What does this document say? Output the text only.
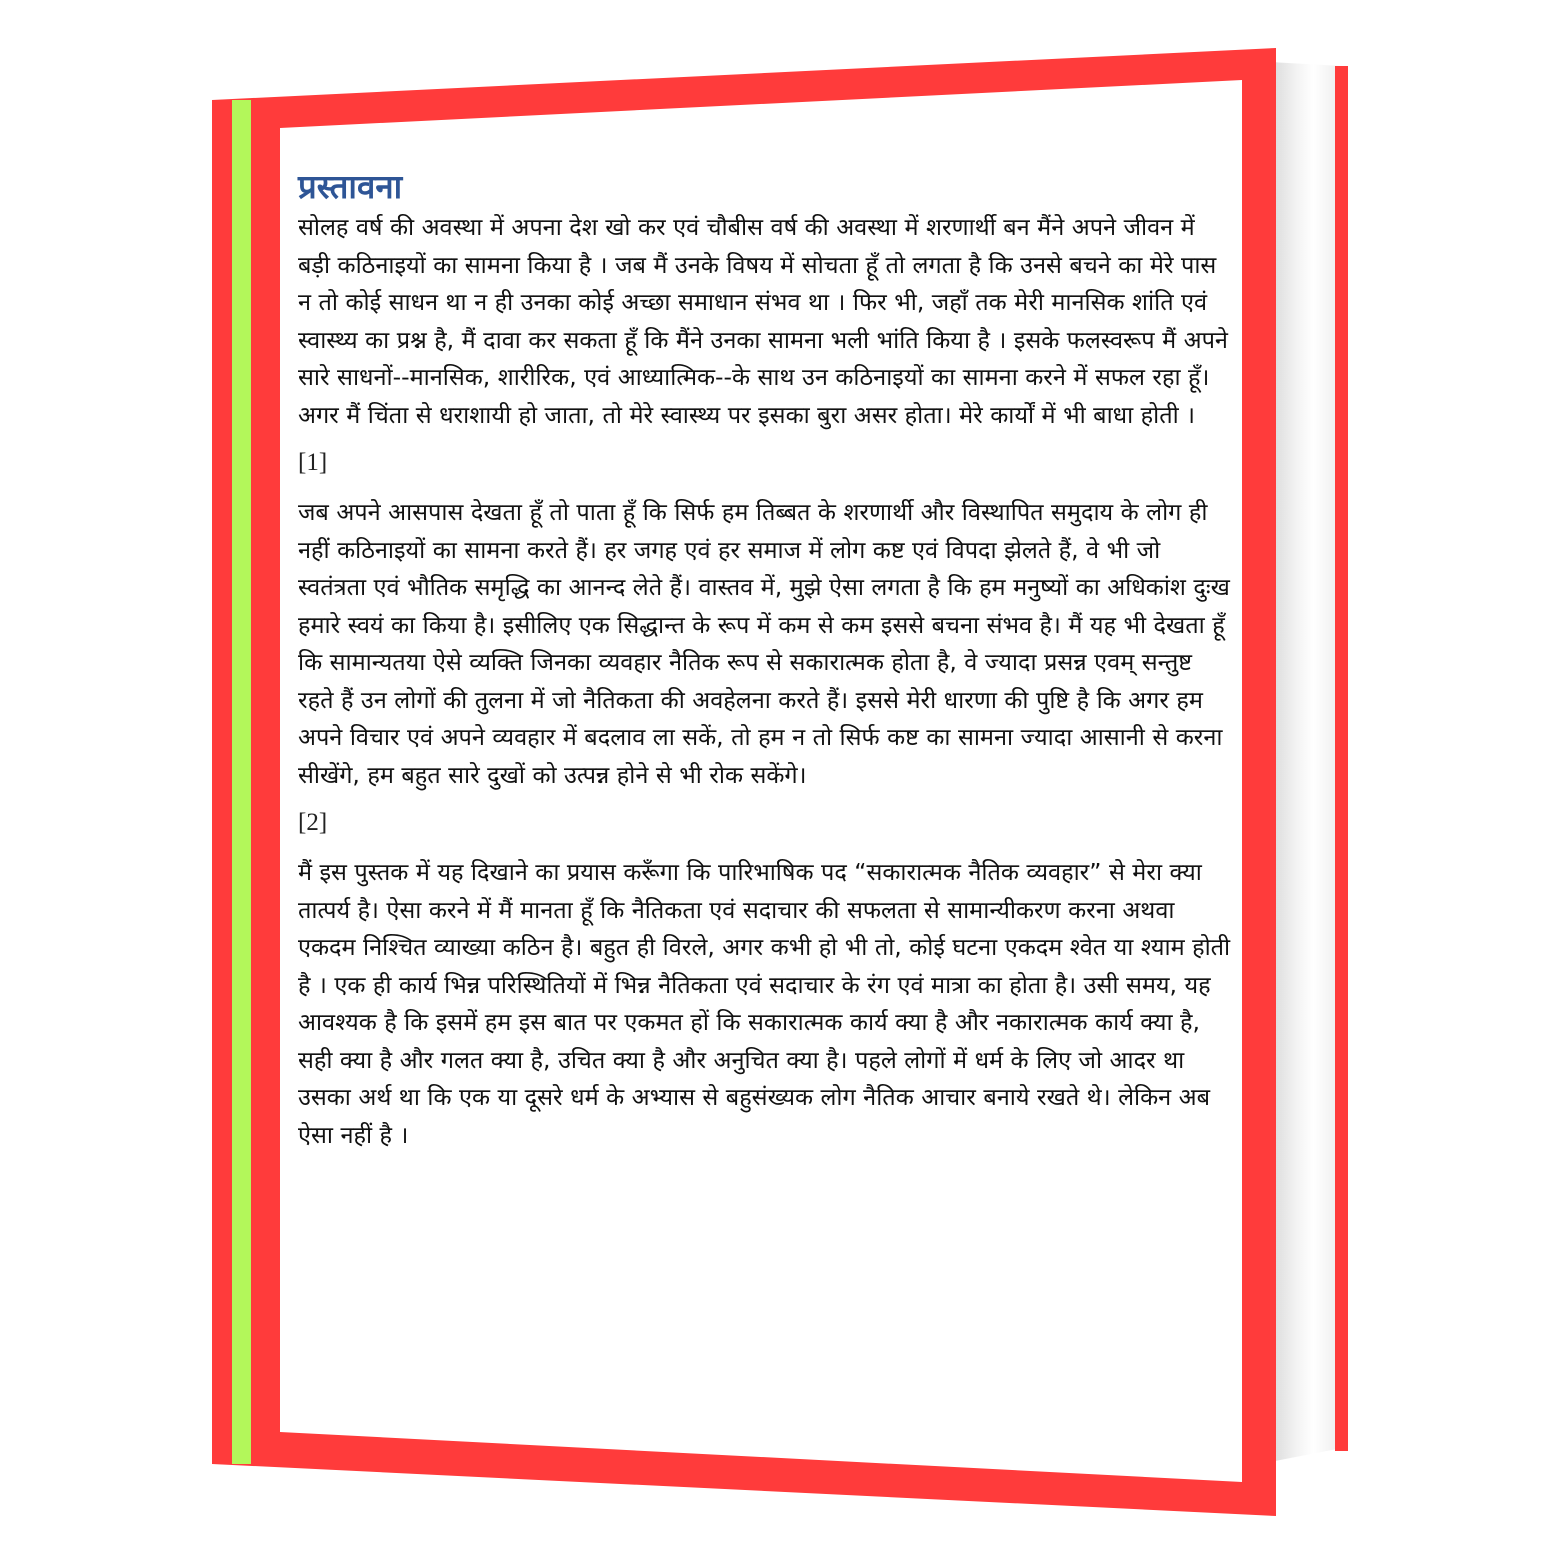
प्रस्तावना

सोलह वर्ष की अवस्था में अपना देश खो कर एवं चौबीस वर्ष की अवस्था में शरणार्थी बन मैंने अपने जीवन में बड़ी कठिनाइयों का सामना किया है । जब मैं उनके विषय में सोचता हूँ तो लगता है कि उनसे बचने का मेरे पास न तो कोई साधन था न ही उनका कोई अच्छा समाधान संभव था । फिर भी, जहाँ तक मेरी मानसिक शांति एवं स्वास्थ्य का प्रश्न है, मैं दावा कर सकता हूँ कि मैंने उनका सामना भली भांति किया है । इसके फलस्वरूप मैं अपने सारे साधनों--मानसिक, शारीरिक, एवं आध्यात्मिक--के साथ उन कठिनाइयों का सामना करने में सफल रहा हूँ। अगर मैं चिंता से धराशायी हो जाता, तो मेरे स्वास्थ्य पर इसका बुरा असर होता। मेरे कार्यों में भी बाधा होती ।

[1]

जब अपने आसपास देखता हूँ तो पाता हूँ कि सिर्फ हम तिब्बत के शरणार्थी और विस्थापित समुदाय के लोग ही नहीं कठिनाइयों का सामना करते हैं। हर जगह एवं हर समाज में लोग कष्ट एवं विपदा झेलते हैं, वे भी जो स्वतंत्रता एवं भौतिक समृद्धि का आनन्द लेते हैं। वास्तव में, मुझे ऐसा लगता है कि हम मनुष्यों का अधिकांश दुःख हमारे स्वयं का किया है। इसीलिए एक सिद्धान्त के रूप में कम से कम इससे बचना संभव है। मैं यह भी देखता हूँ कि सामान्यतया ऐसे व्यक्ति जिनका व्यवहार नैतिक रूप से सकारात्मक होता है, वे ज्यादा प्रसन्न एवम् सन्तुष्ट रहते हैं उन लोगों की तुलना में जो नैतिकता की अवहेलना करते हैं। इससे मेरी धारणा की पुष्टि है कि अगर हम अपने विचार एवं अपने व्यवहार में बदलाव ला सकें, तो हम न तो सिर्फ कष्ट का सामना ज्यादा आसानी से करना सीखेंगे, हम बहुत सारे दुखों को उत्पन्न होने से भी रोक सकेंगे।

[2]

मैं इस पुस्तक में यह दिखाने का प्रयास करूँगा कि पारिभाषिक पद “सकारात्मक नैतिक व्यवहार” से मेरा क्या तात्पर्य है। ऐसा करने में मैं मानता हूँ कि नैतिकता एवं सदाचार की सफलता से सामान्यीकरण करना अथवा एकदम निश्चित व्याख्या कठिन है। बहुत ही विरले, अगर कभी हो भी तो, कोई घटना एकदम श्वेत या श्याम होती है । एक ही कार्य भिन्न परिस्थितियों में भिन्न नैतिकता एवं सदाचार के रंग एवं मात्रा का होता है। उसी समय, यह आवश्यक है कि इसमें हम इस बात पर एकमत हों कि सकारात्मक कार्य क्या है और नकारात्मक कार्य क्या है, सही क्या है और गलत क्या है, उचित क्या है और अनुचित क्या है। पहले लोगों में धर्म के लिए जो आदर था उसका अर्थ था कि एक या दूसरे धर्म के अभ्यास से बहुसंख्यक लोग नैतिक आचार बनाये रखते थे। लेकिन अब ऐसा नहीं है ।
